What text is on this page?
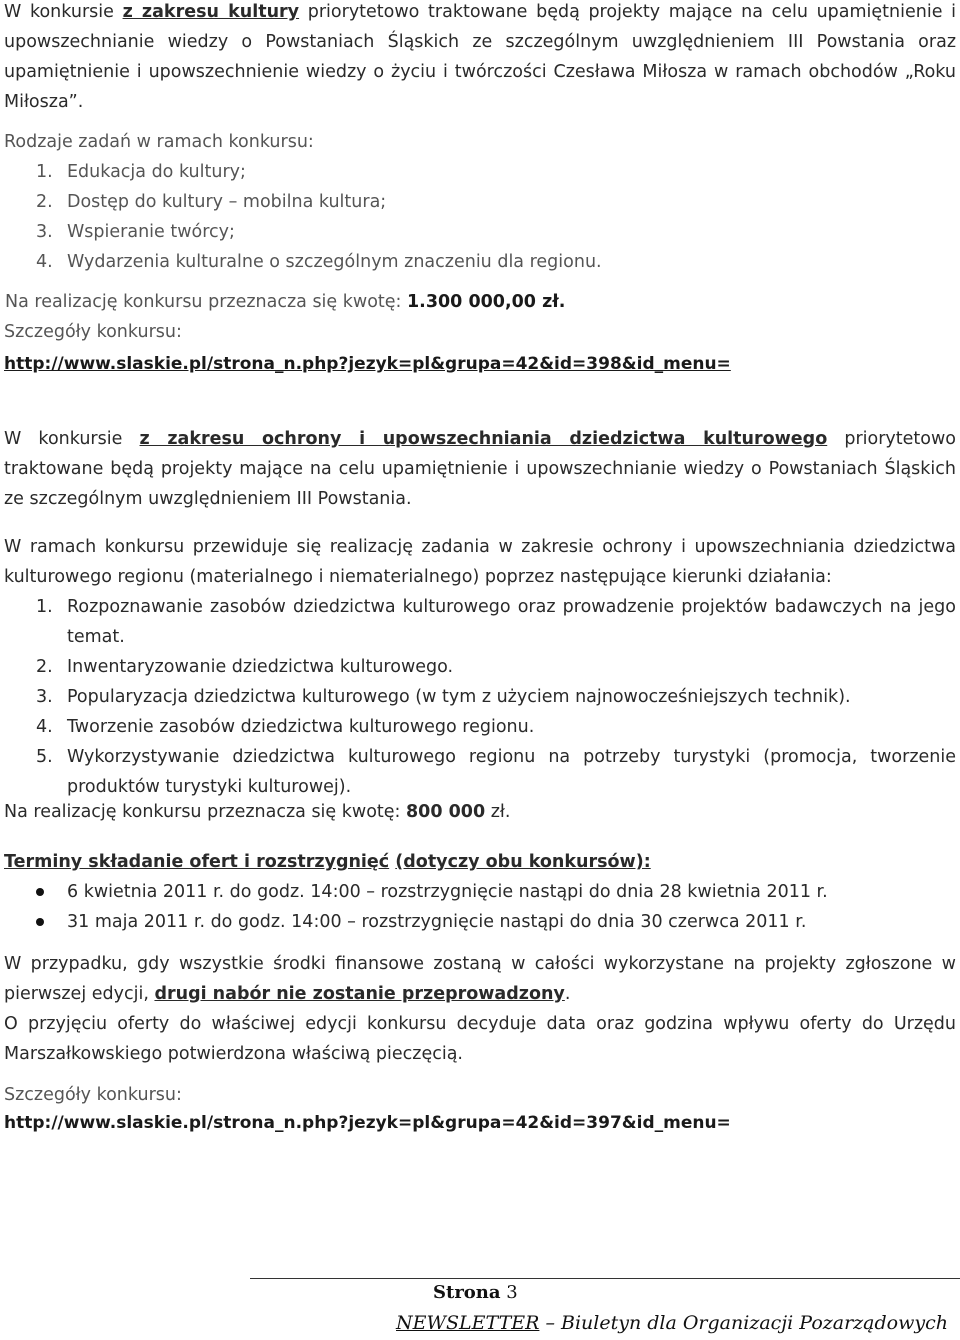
W konkursie z zakresu kultury priorytetowo traktowane będą projekty mające na celu upamiętnienie i upowszechnianie wiedzy o Powstaniach Śląskich ze szczególnym uwzględnieniem III Powstania oraz upamiętnienie i upowszechnienie wiedzy o życiu i twórczości Czesława Miłosza w ramach obchodów „Roku Miłosza”.

Rodzaje zadań w ramach konkursu:

1. Edukacja do kultury;
2. Dostęp do kultury – mobilna kultura;
3. Wspieranie twórcy;
4. Wydarzenia kulturalne o szczególnym znaczeniu dla regionu.

Na realizację konkursu przeznacza się kwotę: 1.300 000,00 zł.

Szczegóły konkursu:

http://www.slaskie.pl/strona_n.php?jezyk=pl&grupa=42&id=398&id_menu=

W konkursie z zakresu ochrony i upowszechniania dziedzictwa kulturowego priorytetowo traktowane będą projekty mające na celu upamiętnienie i upowszechnianie wiedzy o Powstaniach Śląskich ze szczególnym uwzględnieniem III Powstania.

W ramach konkursu przewiduje się realizację zadania w zakresie ochrony i upowszechniania dziedzictwa kulturowego regionu (materialnego i niematerialnego) poprzez następujące kierunki działania:

1. Rozpoznawanie zasobów dziedzictwa kulturowego oraz prowadzenie projektów badawczych na jego temat.
2. Inwentaryzowanie dziedzictwa kulturowego.
3. Popularyzacja dziedzictwa kulturowego (w tym z użyciem najnowocześniejszych technik).
4. Tworzenie zasobów dziedzictwa kulturowego regionu.
5. Wykorzystywanie dziedzictwa kulturowego regionu na potrzeby turystyki (promocja, tworzenie produktów turystyki kulturowej).

Na realizację konkursu przeznacza się kwotę: 800 000 zł.

Terminy składanie ofert i rozstrzygnięć (dotyczy obu konkursów):

6 kwietnia 2011 r. do godz. 14:00 – rozstrzygnięcie nastąpi do dnia 28 kwietnia 2011 r.
31 maja 2011 r. do godz. 14:00 – rozstrzygnięcie nastąpi do dnia 30 czerwca 2011 r.

W przypadku, gdy wszystkie środki finansowe zostaną w całości wykorzystane na projekty zgłoszone w pierwszej edycji, drugi nabór nie zostanie przeprowadzony.

O przyjęciu oferty do właściwej edycji konkursu decyduje data oraz godzina wpływu oferty do Urzędu Marszałkowskiego potwierdzona właściwą pieczęcią.

Szczegóły konkursu:

http://www.slaskie.pl/strona_n.php?jezyk=pl&grupa=42&id=397&id_menu=
Strona 3
NEWSLETTER – Biuletyn dla Organizacji Pozarządowych
